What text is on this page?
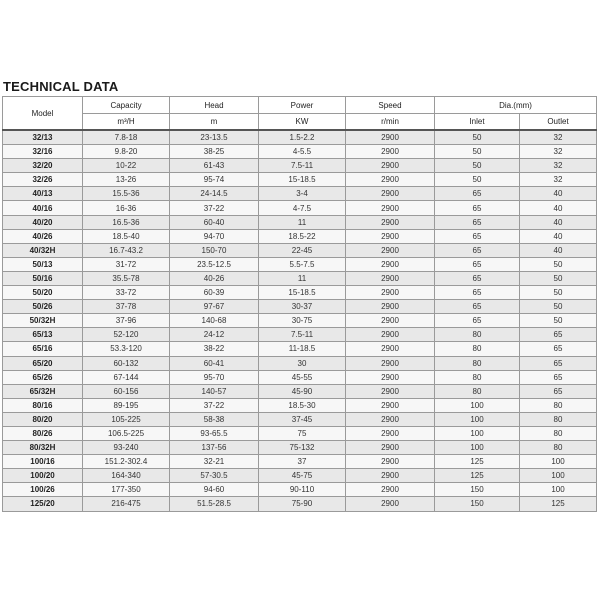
TECHNICAL DATA
Model	Capacity	Head	Power	Speed	Dia.(mm)	
	m³/H	m	KW	r/min	Inlet	Outlet
32/13	7.8-18	23-13.5	1.5-2.2	2900	50	32
32/16	9.8-20	38-25	4-5.5	2900	50	32
32/20	10-22	61-43	7.5-11	2900	50	32
32/26	13-26	95-74	15-18.5	2900	50	32
40/13	15.5-36	24-14.5	3-4	2900	65	40
40/16	16-36	37-22	4-7.5	2900	65	40
40/20	16.5-36	60-40	11	2900	65	40
40/26	18.5-40	94-70	18.5-22	2900	65	40
40/32H	16.7-43.2	150-70	22-45	2900	65	40
50/13	31-72	23.5-12.5	5.5-7.5	2900	65	50
50/16	35.5-78	40-26	11	2900	65	50
50/20	33-72	60-39	15-18.5	2900	65	50
50/26	37-78	97-67	30-37	2900	65	50
50/32H	37-96	140-68	30-75	2900	65	50
65/13	52-120	24-12	7.5-11	2900	80	65
65/16	53.3-120	38-22	11-18.5	2900	80	65
65/20	60-132	60-41	30	2900	80	65
65/26	67-144	95-70	45-55	2900	80	65
65/32H	60-156	140-57	45-90	2900	80	65
80/16	89-195	37-22	18.5-30	2900	100	80
80/20	105-225	58-38	37-45	2900	100	80
80/26	106.5-225	93-65.5	75	2900	100	80
80/32H	93-240	137-56	75-132	2900	100	80
100/16	151.2-302.4	32-21	37	2900	125	100
100/20	164-340	57-30.5	45-75	2900	125	100
100/26	177-350	94-60	90-110	2900	150	100
125/20	216-475	51.5-28.5	75-90	2900	150	125
